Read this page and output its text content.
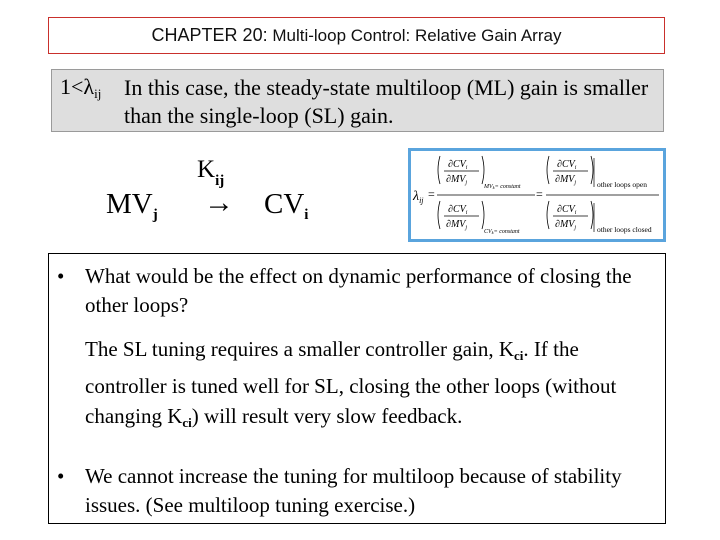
CHAPTER 20:
Multi-loop Control: Relative Gain Array
$1<\lambda_{ij}$ In this case, the steady-state multiloop (ML) gain is smaller than the single-loop (SL) gain.
$K_{ij}$
$MV_j \to CV_i$
$\lambda_{ij}$ =
$\partial CV_i$
$\partial MV_j$
MVk= constant
$\partial CV_i$
$\partial MV_j$
CVk= constant
=
$\partial CV_i$
$\partial MV_j$	other loops open
$\partial CV_i$
$\partial MV_j$	other loops closed
• What would be the effect on dynamic performance of closing the other loops?
The SL tuning requires a smaller controller gain, $K_{ci}$. If the controller is tuned well for SL, closing the other loops (without changing $K_{ci}$) will result very slow feedback.
• We cannot increase the tuning for multiloop because of stability issues. (See multiloop tuning exercise.)
